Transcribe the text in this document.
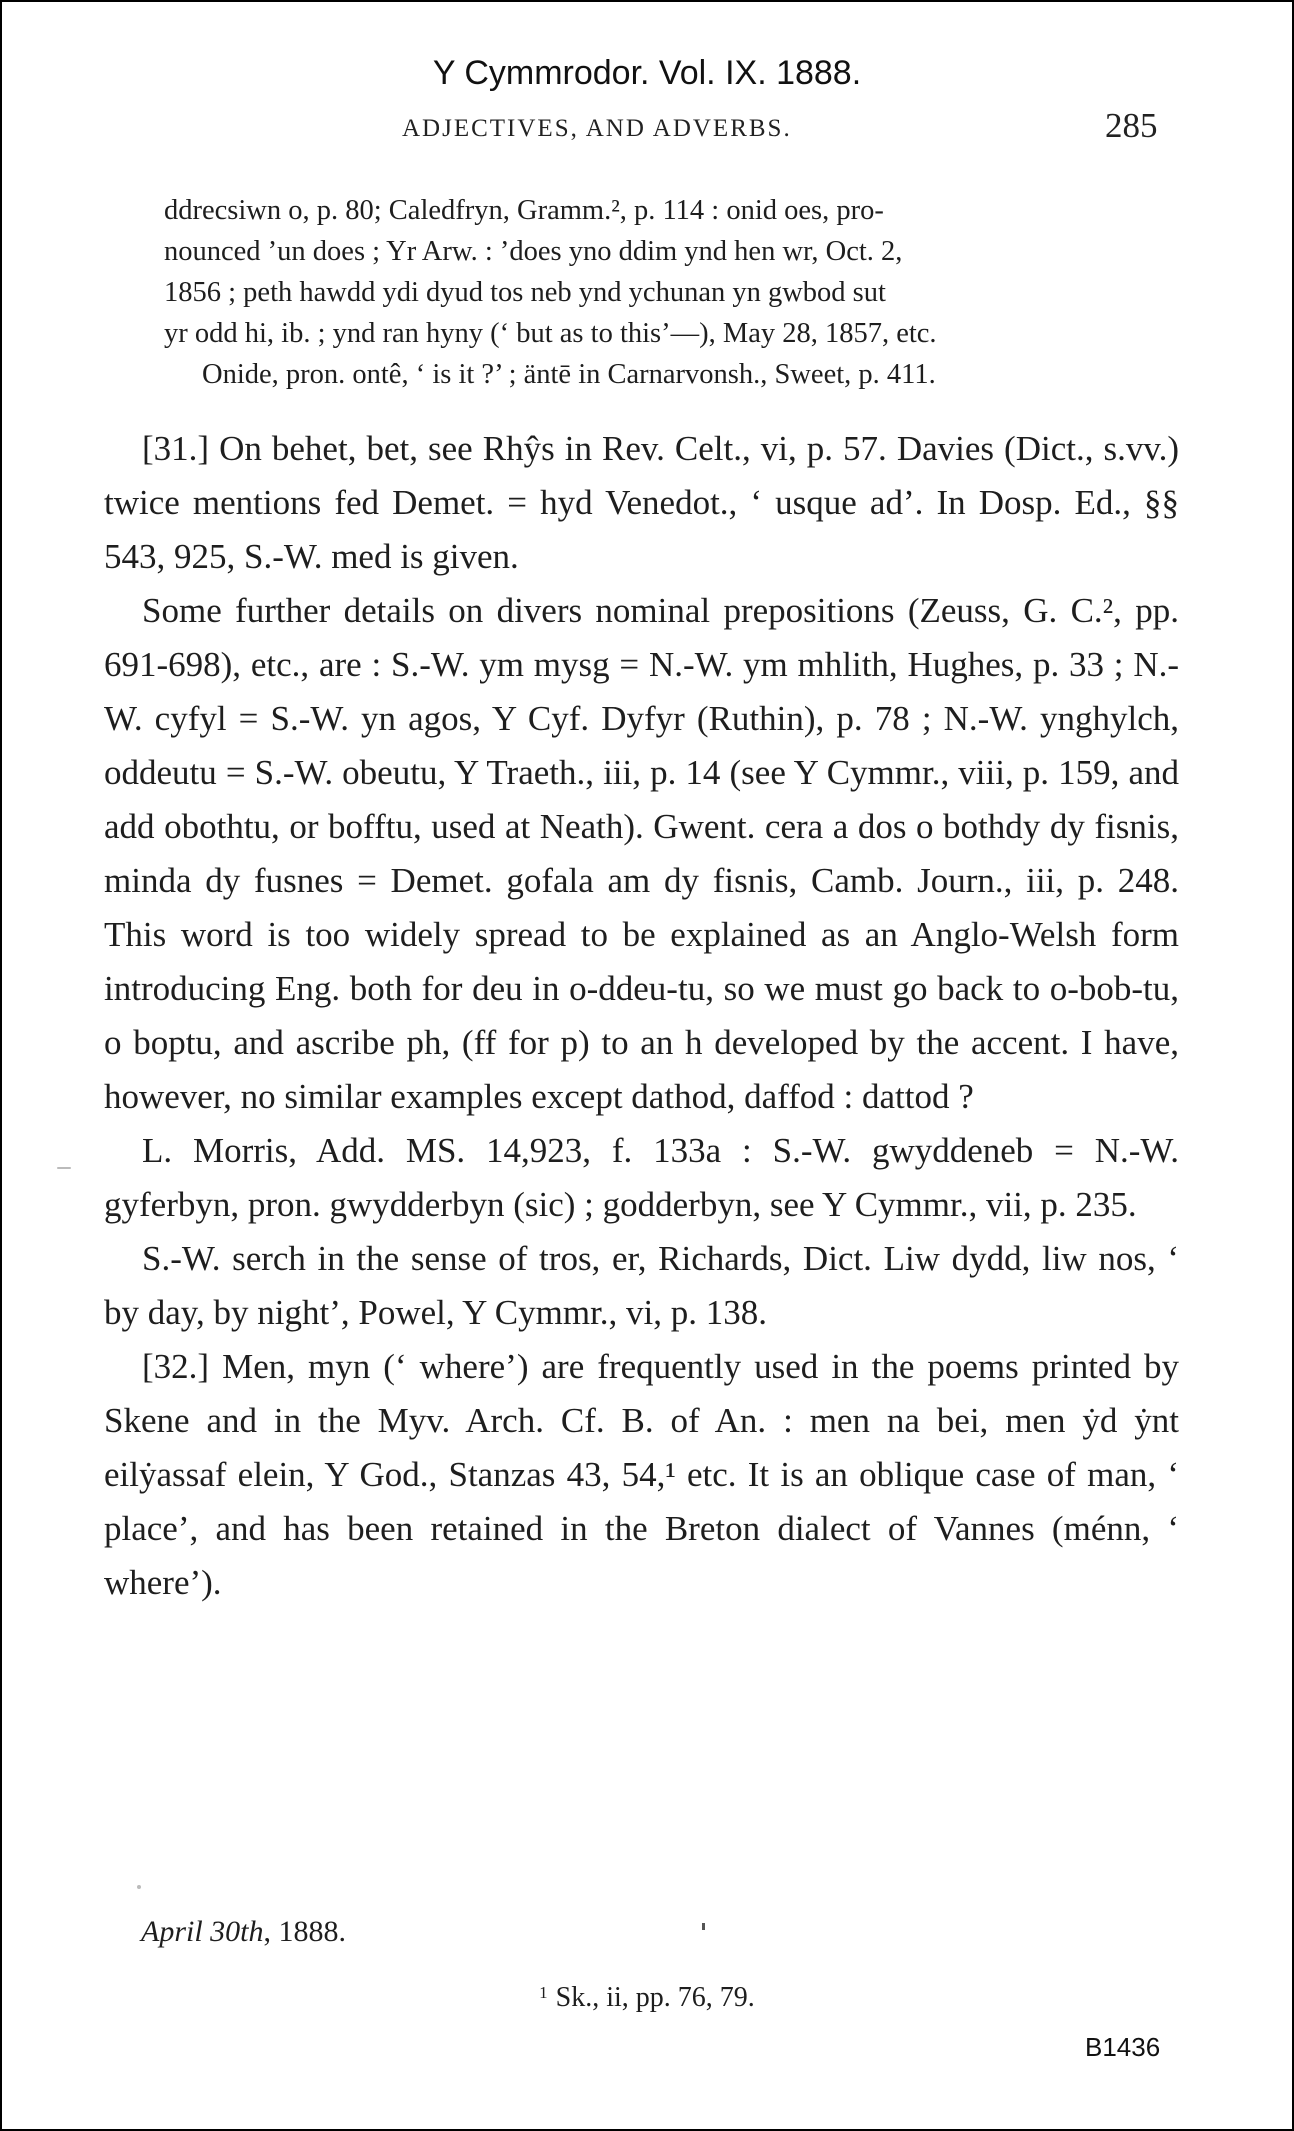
Y Cymmrodor. Vol. IX. 1888.
ADJECTIVES, AND ADVERBS.	285

ddrecsiwn o, p. 80; Caledfryn, Gramm.², p. 114 : onid oes, pro-

nounced ’un does ; Yr Arw. : ’does yno ddim ynd hen wr, Oct. 2,

1856 ; peth hawdd ydi dyud tos neb ynd ychunan yn gwbod sut

yr odd hi, ib. ; ynd ran hyny (‘ but as to this’—), May 28, 1857, etc.

Onide, pron. ontê, ‘ is it ?’ ; äntē in Carnarvonsh., Sweet, p. 411.

[31.] On behet, bet, see Rhŷs in Rev. Celt., vi, p. 57. Davies (Dict., s.vv.) twice mentions fed Demet. = hyd Venedot., ‘ usque ad’. In Dosp. Ed., §§ 543, 925, S.-W. med is given.

Some further details on divers nominal prepositions (Zeuss, G. C.², pp. 691-698), etc., are : S.-W. ym mysg = N.-W. ym mhlith, Hughes, p. 33 ; N.-W. cyfyl = S.-W. yn agos, Y Cyf. Dyfyr (Ruthin), p. 78 ; N.-W. ynghylch, oddeutu = S.-W. obeutu, Y Traeth., iii, p. 14 (see Y Cymmr., viii, p. 159, and add obothtu, or bofftu, used at Neath). Gwent. cera a dos o bothdy dy fisnis, minda dy fusnes = Demet. gofala am dy fisnis, Camb. Journ., iii, p. 248. This word is too widely spread to be explained as an Anglo-Welsh form introducing Eng. both for deu in o-ddeu-tu, so we must go back to o-bob-tu, o boptu, and ascribe ph, (ff for p) to an h developed by the accent. I have, however, no similar examples except dathod, daffod : dattod ?

L. Morris, Add. MS. 14,923, f. 133a : S.-W. gwyddeneb = N.-W. gyferbyn, pron. gwydderbyn (sic) ; godderbyn, see Y Cymmr., vii, p. 235.

S.-W. serch in the sense of tros, er, Richards, Dict. Liw dydd, liw nos, ‘ by day, by night’, Powel, Y Cymmr., vi, p. 138.

[32.] Men, myn (‘ where’) are frequently used in the poems printed by Skene and in the Myv. Arch. Cf. B. of An. : men na bei, men ẏd ẏnt eilẏassaf elein, Y God., Stanzas 43, 54,¹ etc. It is an oblique case of man, ‘ place’, and has been retained in the Breton dialect of Vannes (ménn, ‘ where’).

April 30th, 1888.
$^1$ Sk., ii, pp. 76, 79.
B1436
